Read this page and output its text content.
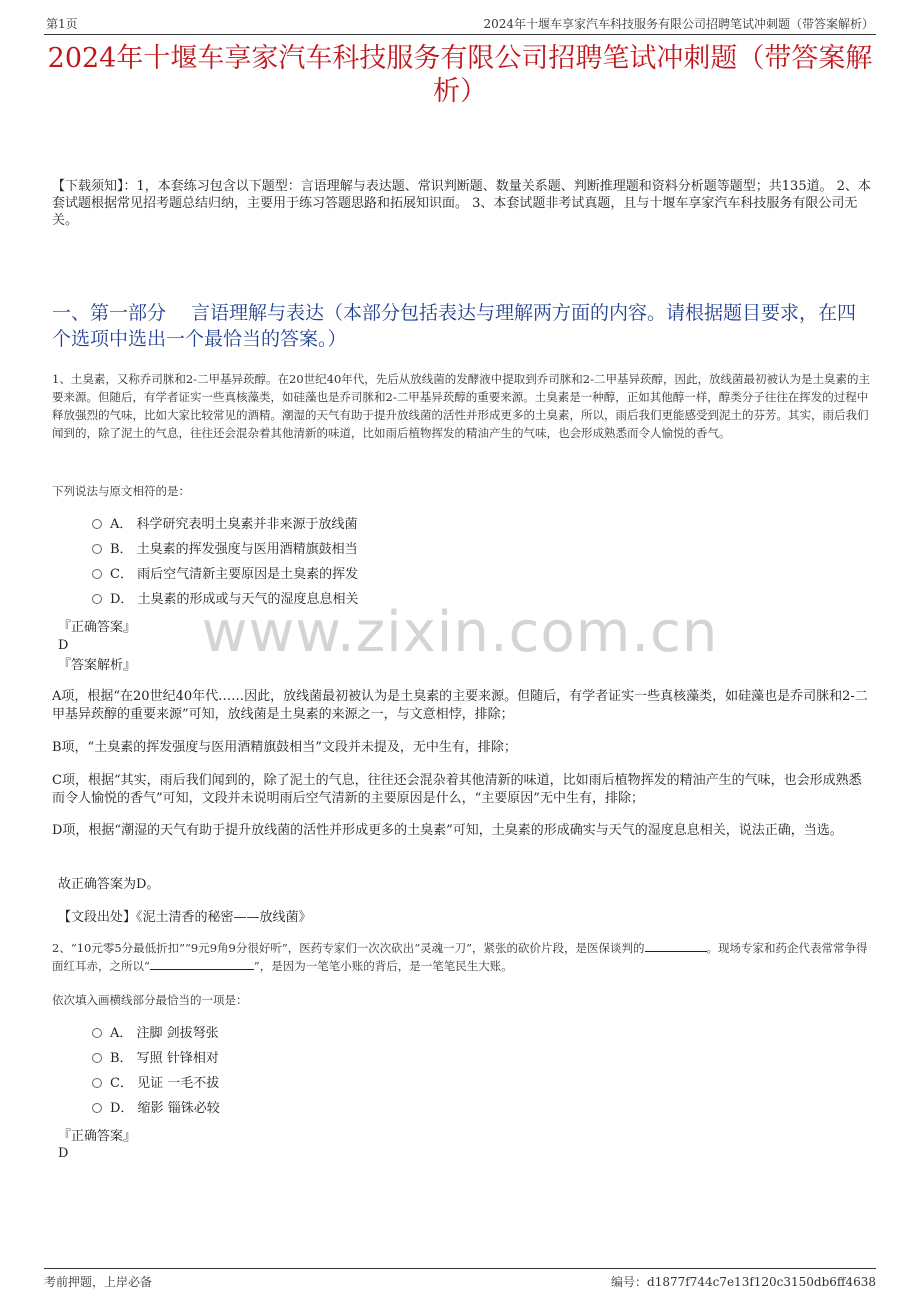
第1页	2024年十堰车享家汽车科技服务有限公司招聘笔试冲刺题（带答案解析）
2024年十堰车享家汽车科技服务有限公司招聘笔试冲刺题（带答案解析）
【下载须知】：1，本套练习包含以下题型：言语理解与表达题、常识判断题、数量关系题、判断推理题和资料分析题等题型；共135道。 2、本套试题根据常见招考题总结归纳，主要用于练习答题思路和拓展知识面。 3、本套试题非考试真题，且与十堰车享家汽车科技服务有限公司无关。
一、第一部分　 言语理解与表达（本部分包括表达与理解两方面的内容。请根据题目要求，在四个选项中选出一个最恰当的答案。）
1、土臭素，又称乔司脒和2-二甲基异莰醇。在20世纪40年代，先后从放线菌的发酵液中提取到乔司脒和2-二甲基异莰醇，因此，放线菌最初被认为是土臭素的主要来源。但随后，有学者证实一些真核藻类，如硅藻也是乔司脒和2-二甲基异莰醇的重要来源。土臭素是一种醇，正如其他醇一样，醇类分子往往在挥发的过程中释放强烈的气味，比如大家比较常见的酒精。潮湿的天气有助于提升放线菌的活性并形成更多的土臭素，所以，雨后我们更能感受到泥土的芬芳。其实，雨后我们闻到的，除了泥土的气息，往往还会混杂着其他清新的味道，比如雨后植物挥发的精油产生的气味，也会形成熟悉而令人愉悦的香气。
下列说法与原文相符的是：
A． 科学研究表明土臭素并非来源于放线菌
B． 土臭素的挥发强度与医用酒精旗鼓相当
C． 雨后空气清新主要原因是土臭素的挥发
D． 土臭素的形成或与天气的湿度息息相关
『正确答案』
D
『答案解析』
A项，根据“在20世纪40年代……因此，放线菌最初被认为是土臭素的主要来源。但随后，有学者证实一些真核藻类，如硅藻也是乔司脒和2-二甲基异莰醇的重要来源”可知，放线菌是土臭素的来源之一，与文意相悖，排除；
B项，“土臭素的挥发强度与医用酒精旗鼓相当”文段并未提及，无中生有，排除；
C项，根据“其实，雨后我们闻到的，除了泥土的气息，往往还会混杂着其他清新的味道，比如雨后植物挥发的精油产生的气味，也会形成熟悉而令人愉悦的香气”可知，文段并未说明雨后空气清新的主要原因是什么，“主要原因”无中生有，排除；
D项，根据“潮湿的天气有助于提升放线菌的活性并形成更多的土臭素”可知，土臭素的形成确实与天气的湿度息息相关，说法正确，当选。
故正确答案为D。
【文段出处】《泥土清香的秘密——放线菌》
2、“10元零5分最低折扣”“9元9角9分很好听”，医药专家们一次次砍出“灵魂一刀”，紧张的砍价片段，是医保谈判的	。现场专家和药企代表常常争得面红耳赤，之所以“	”，是因为一笔笔小账的背后，是一笔笔民生大账。
依次填入画横线部分最恰当的一项是：
A． 注脚 剑拔弩张
B． 写照 针锋相对
C． 见证 一毛不拔
D． 缩影 锱铢必较
『正确答案』
D
www.zixin.com.cn
考前押题，上岸必备	编号：d1877f744c7e13f120c3150db6ff4638
